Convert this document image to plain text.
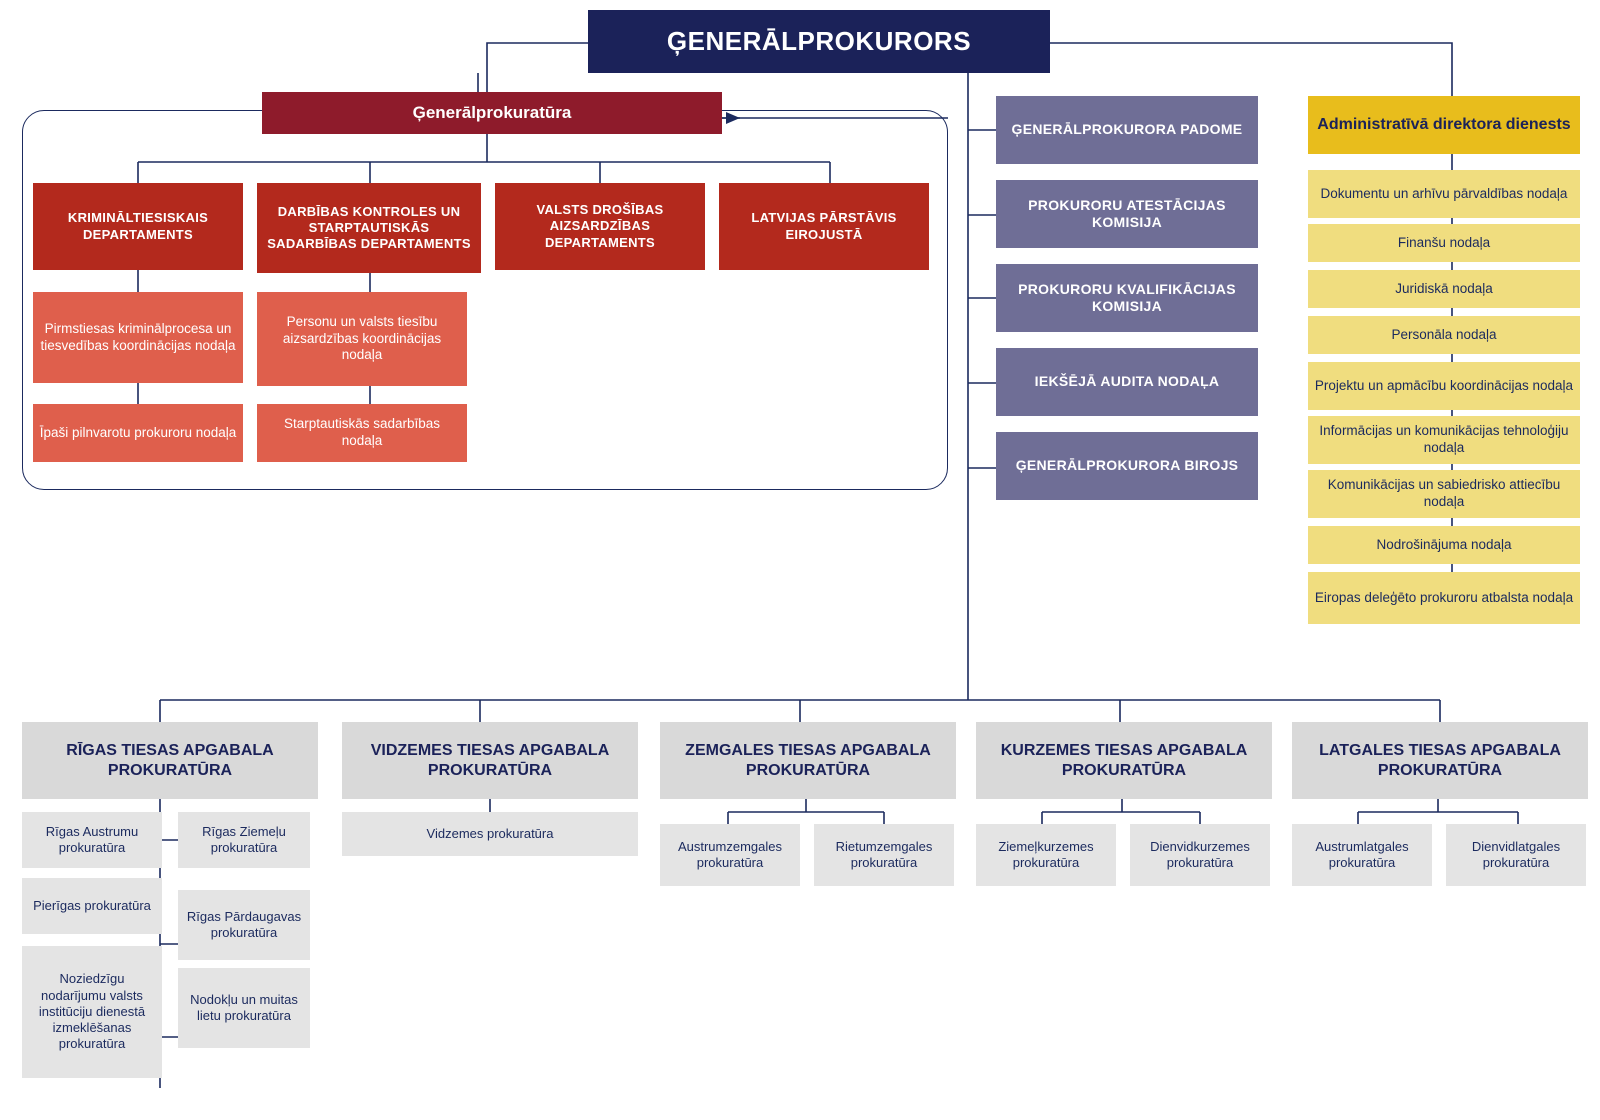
ĢENERĀLPROKURORS
Ģenerālprokuratūra
KRIMINĀLTIESISKAIS DEPARTAMENTS
DARBĪBAS KONTROLES UN STARPTAUTISKĀS SADARBĪBAS DEPARTAMENTS
VALSTS DROŠĪBAS AIZSARDZĪBAS DEPARTAMENTS
LATVIJAS PĀRSTĀVIS EIROJUSTĀ
Pirmstiesas kriminālprocesa un tiesvedības koordinācijas nodaļa
Īpaši pilnvarotu prokuroru nodaļa
Personu un valsts tiesību aizsardzības koordinācijas nodaļa
Starptautiskās sadarbības nodaļa
ĢENERĀLPROKURORA PADOME
PROKURORU ATESTĀCIJAS KOMISIJA
PROKURORU KVALIFIKĀCIJAS KOMISIJA
IEKŠĒJĀ AUDITA NODAĻA
ĢENERĀLPROKURORA BIROJS
Administratīvā direktora dienests
Dokumentu un arhīvu pārvaldības nodaļa
Finanšu nodaļa
Juridiskā nodaļa
Personāla nodaļa
Projektu un apmācību koordinācijas nodaļa
Informācijas un komunikācijas tehnoloģiju nodaļa
Komunikācijas un sabiedrisko attiecību nodaļa
Nodrošinājuma nodaļa
Eiropas deleģēto prokuroru atbalsta nodaļa
RĪGAS TIESAS APGABALA PROKURATŪRA
Rīgas Austrumu prokuratūra
Pierīgas prokuratūra
Noziedzīgu nodarījumu valsts institūciju dienestā izmeklēšanas prokuratūra
Rīgas Ziemeļu prokuratūra
Rīgas Pārdaugavas prokuratūra
Nodokļu un muitas lietu prokuratūra
VIDZEMES TIESAS APGABALA PROKURATŪRA
Vidzemes prokuratūra
ZEMGALES TIESAS APGABALA PROKURATŪRA
Austrumzemgales prokuratūra
Rietumzemgales prokuratūra
KURZEMES TIESAS APGABALA PROKURATŪRA
Ziemeļkurzemes prokuratūra
Dienvidkurzemes prokuratūra
LATGALES TIESAS APGABALA PROKURATŪRA
Austrumlatgales prokuratūra
Dienvidlatgales prokuratūra
